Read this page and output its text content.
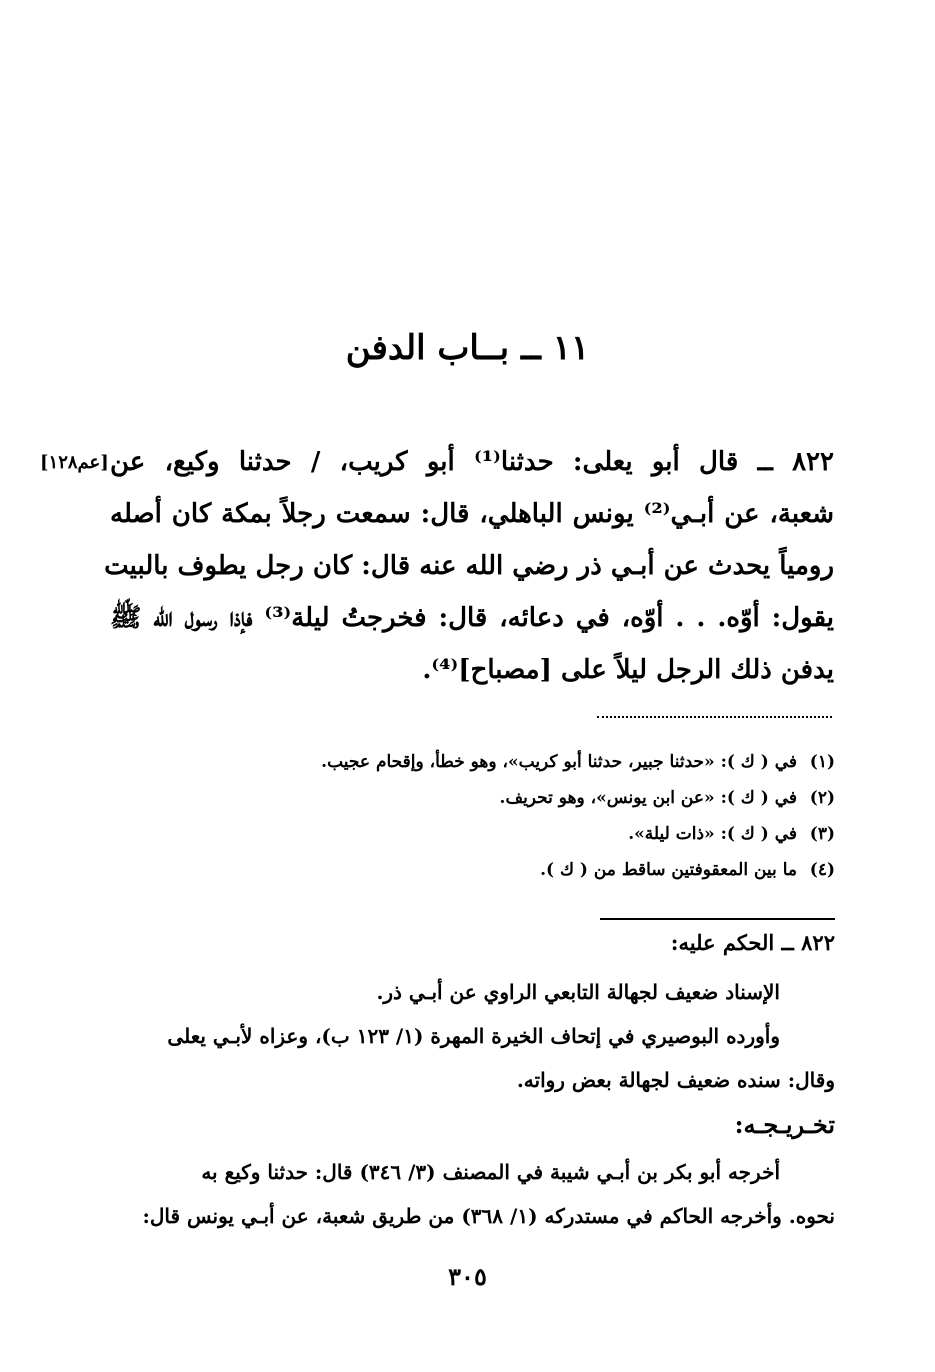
١١ ــ بــاب الدفن
[عم١٢٨] ٨٢٢ ــ قال أبو يعلى: حدثنا⁽¹⁾ أبو كريب، / حدثنا وكيع، عن
شعبة، عن أبـي⁽²⁾ يونس الباهلي، قال: سمعت رجلاً بمكة كان أصله
رومياً يحدث عن أبـي ذر رضي الله عنه قال: كان رجل يطوف بالبيت
يقول: أوّه. . . أوّه، في دعائه، قال: فخرجتُ ليلة⁽³⁾ فإذا رسول الله ﷺ
يدفن ذلك الرجل ليلاً على [مصباح]⁽⁴⁾.
(١)في ( ك ): «حدثنا جبير، حدثنا أبو كريب»، وهو خطأ، وإقحام عجيب.
(٢)في ( ك ): «عن ابن يونس»، وهو تحريف.
(٣)في ( ك ): «ذات ليلة».
(٤)ما بين المعقوفتين ساقط من ( ك ).
٨٢٢ ــ الحكم عليه:
الإسناد ضعيف لجهالة التابعي الراوي عن أبـي ذر.
وأورده البوصيري في إتحاف الخيرة المهرة (١/ ١٢٣ ب)، وعزاه لأبـي يعلى
وقال: سنده ضعيف لجهالة بعض رواته.
تخـريـجـه:
أخرجه أبو بكر بن أبـي شيبة في المصنف (٣/ ٣٤٦) قال: حدثنا وكيع به
نحوه. وأخرجه الحاكم في مستدركه (١/ ٣٦٨) من طريق شعبة، عن أبـي يونس قال:
٣٠٥
